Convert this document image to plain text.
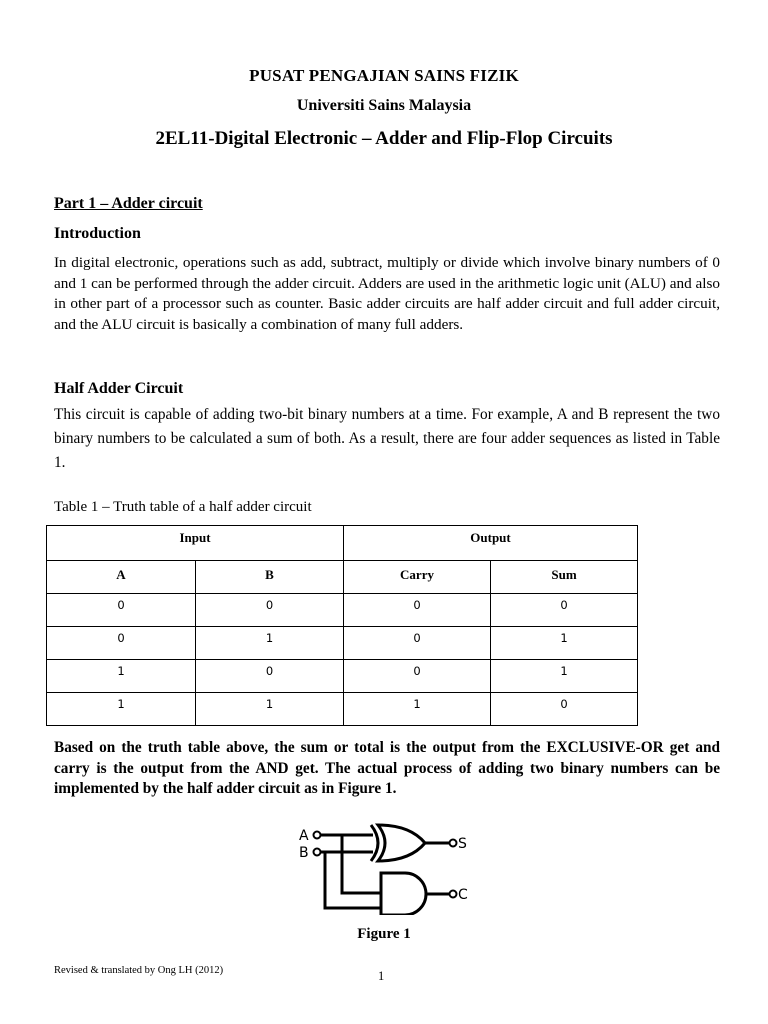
PUSAT PENGAJIAN SAINS FIZIK
Universiti Sains Malaysia
2EL11-Digital Electronic – Adder and Flip-Flop Circuits
Part 1 – Adder circuit
Introduction
In digital electronic, operations such as add, subtract, multiply or divide which involve binary numbers of 0 and 1 can be performed through the adder circuit. Adders are used in the arithmetic logic unit (ALU) and also in other part of a processor such as counter. Basic adder circuits are half adder circuit and full adder circuit, and the ALU circuit is basically a combination of many full adders.
Half Adder Circuit
This circuit is capable of adding two-bit binary numbers at a time. For example, A and B represent the two binary numbers to be calculated a sum of both. As a result, there are four adder sequences as listed in Table 1.
Table 1 – Truth table of a half adder circuit
Input		Output	

A	B	Carry	Sum

0	0	0	0

0	1	0	1

1	0	0	1

1	1	1	0
Based on the truth table above, the sum or total is the output from the EXCLUSIVE-OR get and carry is the output from the AND get. The actual process of adding two binary numbers can be implemented by the half adder circuit as in Figure 1.
A
B
S
C
Figure 1
Revised & translated by Ong LH (2012)	1
